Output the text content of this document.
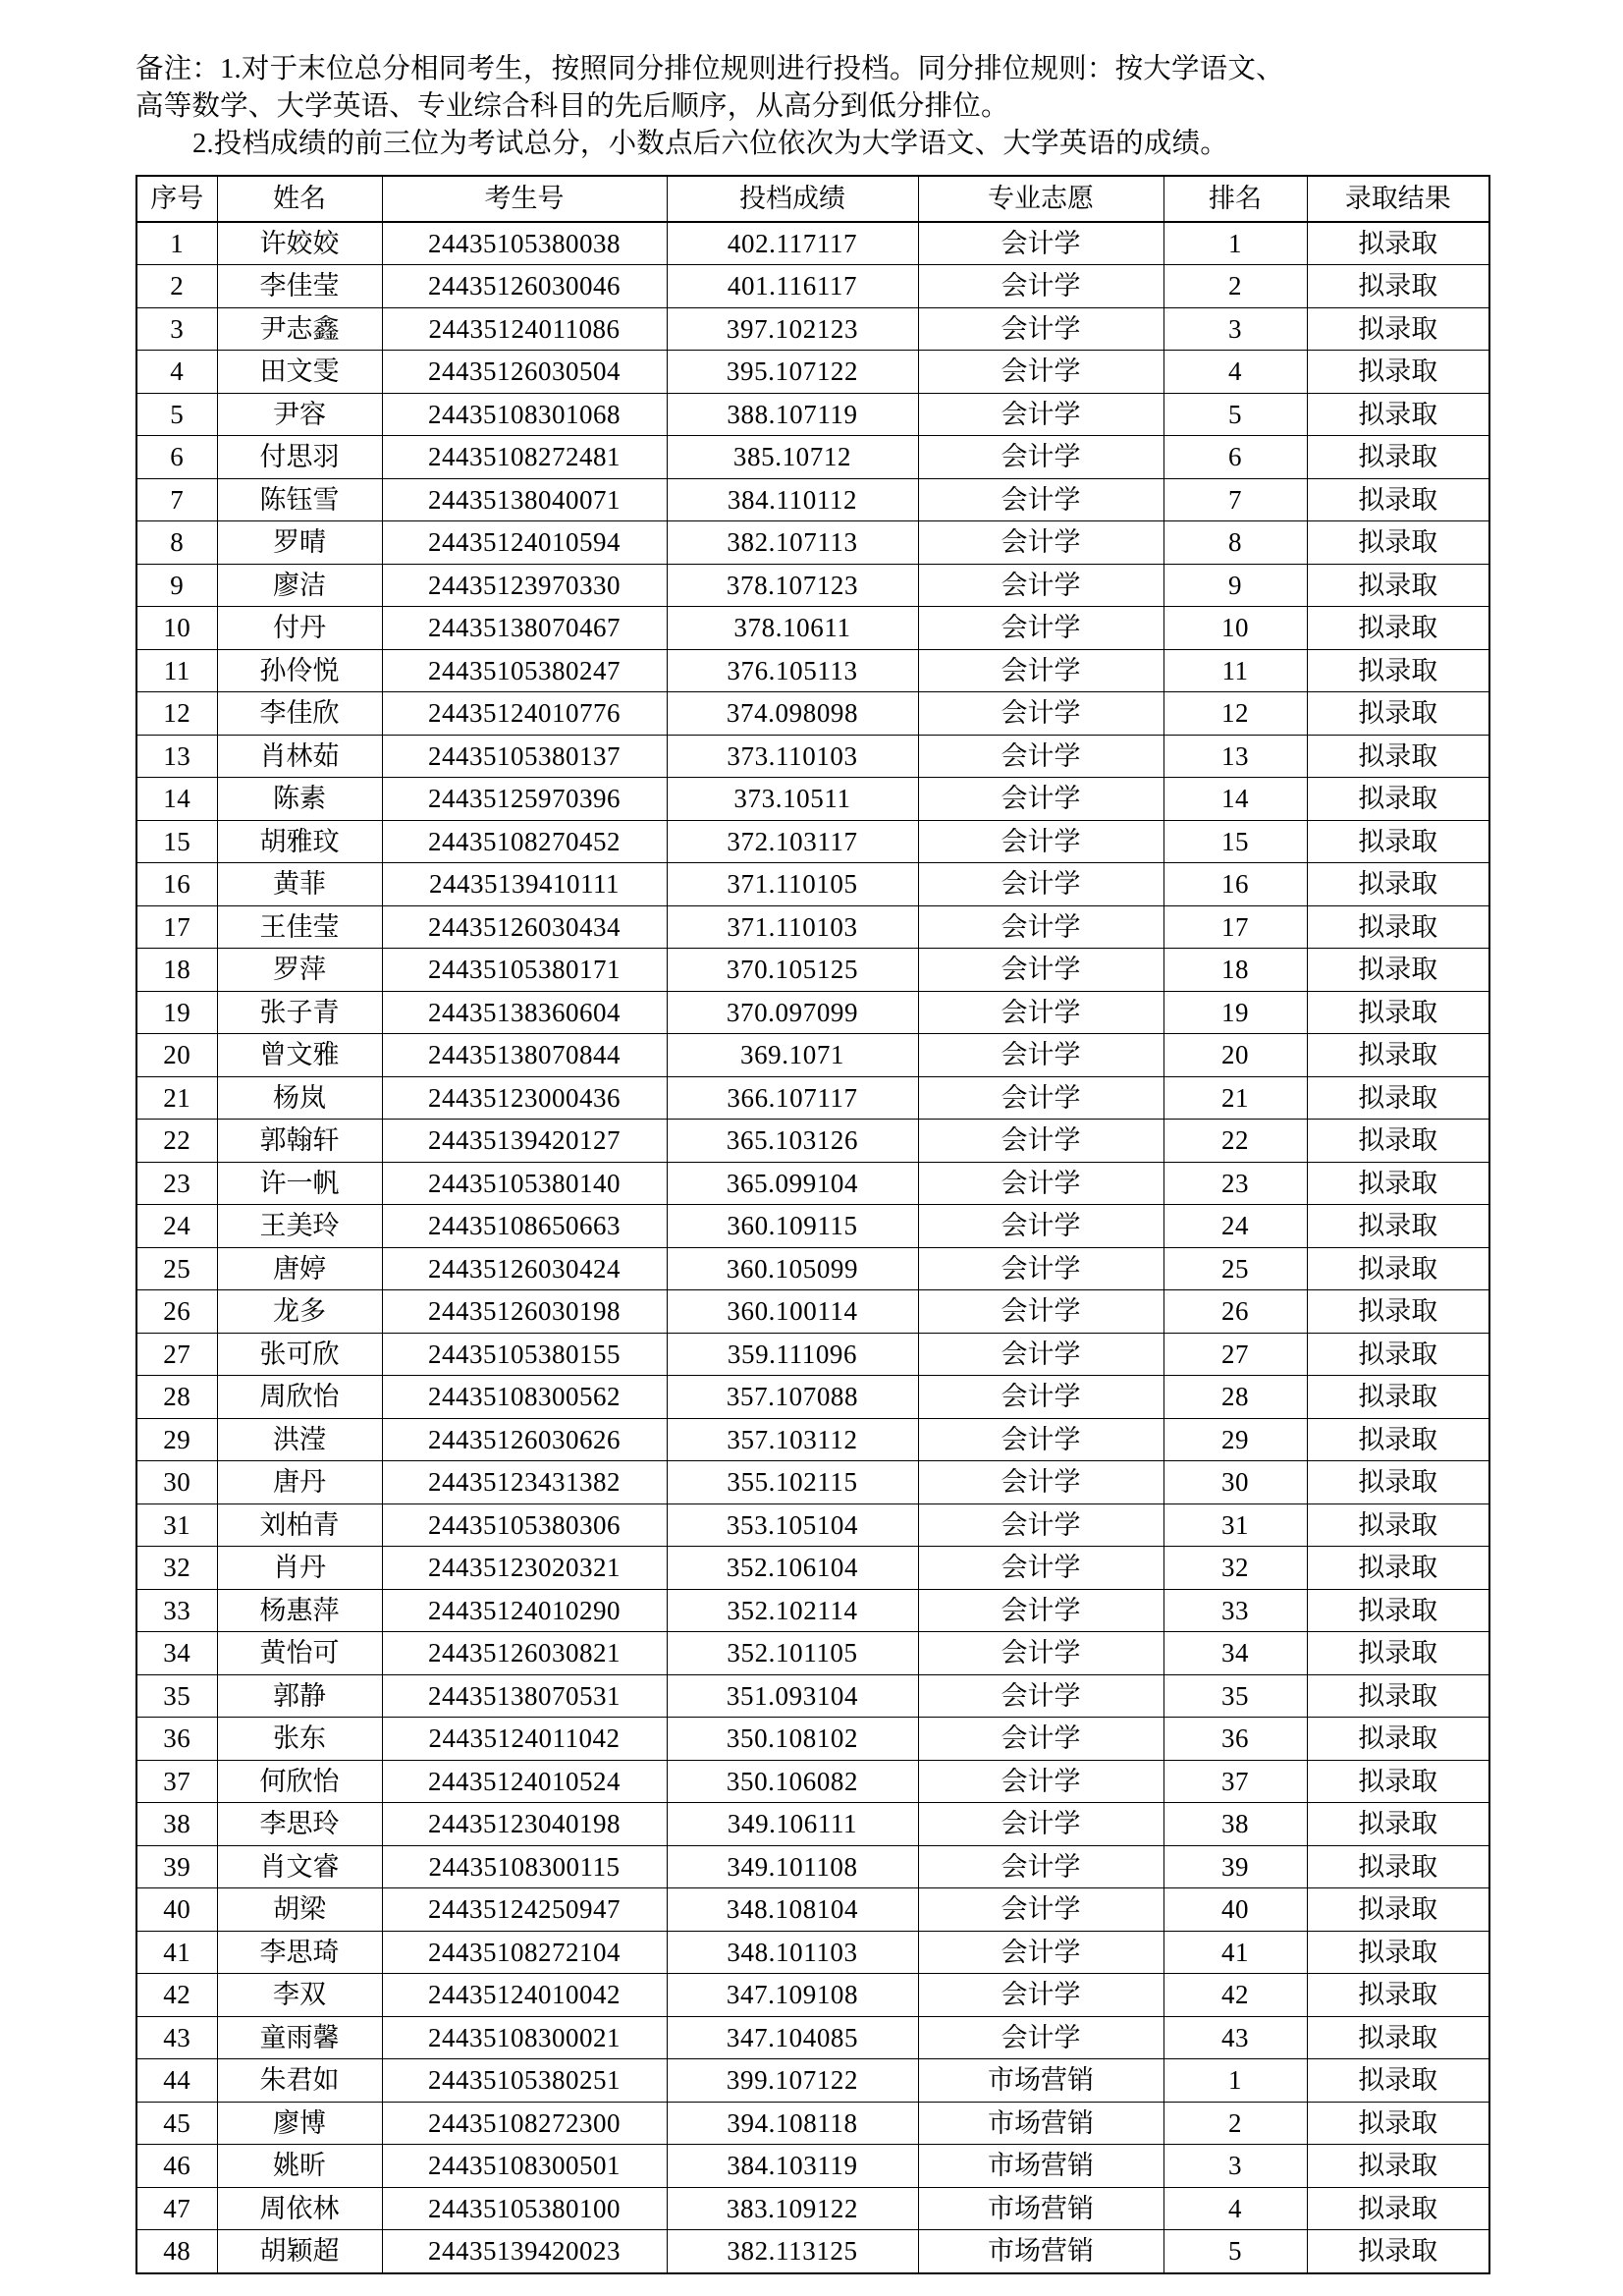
备注：1.对于末位总分相同考生，按照同分排位规则进行投档。同分排位规则：按大学语文、
高等数学、大学英语、专业综合科目的先后顺序，从高分到低分排位。
2.投档成绩的前三位为考试总分，小数点后六位依次为大学语文、大学英语的成绩。
序号	姓名	考生号	投档成绩	专业志愿	排名	录取结果
1	许姣姣	24435105380038	402.117117	会计学	1	拟录取
2	李佳莹	24435126030046	401.116117	会计学	2	拟录取
3	尹志鑫	24435124011086	397.102123	会计学	3	拟录取
4	田文雯	24435126030504	395.107122	会计学	4	拟录取
5	尹容	24435108301068	388.107119	会计学	5	拟录取
6	付思羽	24435108272481	385.10712	会计学	6	拟录取
7	陈钰雪	24435138040071	384.110112	会计学	7	拟录取
8	罗晴	24435124010594	382.107113	会计学	8	拟录取
9	廖洁	24435123970330	378.107123	会计学	9	拟录取
10	付丹	24435138070467	378.10611	会计学	10	拟录取
11	孙伶悦	24435105380247	376.105113	会计学	11	拟录取
12	李佳欣	24435124010776	374.098098	会计学	12	拟录取
13	肖林茹	24435105380137	373.110103	会计学	13	拟录取
14	陈素	24435125970396	373.10511	会计学	14	拟录取
15	胡雅玟	24435108270452	372.103117	会计学	15	拟录取
16	黄菲	24435139410111	371.110105	会计学	16	拟录取
17	王佳莹	24435126030434	371.110103	会计学	17	拟录取
18	罗萍	24435105380171	370.105125	会计学	18	拟录取
19	张子青	24435138360604	370.097099	会计学	19	拟录取
20	曾文雅	24435138070844	369.1071	会计学	20	拟录取
21	杨岚	24435123000436	366.107117	会计学	21	拟录取
22	郭翰轩	24435139420127	365.103126	会计学	22	拟录取
23	许一帆	24435105380140	365.099104	会计学	23	拟录取
24	王美玲	24435108650663	360.109115	会计学	24	拟录取
25	唐婷	24435126030424	360.105099	会计学	25	拟录取
26	龙多	24435126030198	360.100114	会计学	26	拟录取
27	张可欣	24435105380155	359.111096	会计学	27	拟录取
28	周欣怡	24435108300562	357.107088	会计学	28	拟录取
29	洪滢	24435126030626	357.103112	会计学	29	拟录取
30	唐丹	24435123431382	355.102115	会计学	30	拟录取
31	刘柏青	24435105380306	353.105104	会计学	31	拟录取
32	肖丹	24435123020321	352.106104	会计学	32	拟录取
33	杨惠萍	24435124010290	352.102114	会计学	33	拟录取
34	黄怡可	24435126030821	352.101105	会计学	34	拟录取
35	郭静	24435138070531	351.093104	会计学	35	拟录取
36	张东	24435124011042	350.108102	会计学	36	拟录取
37	何欣怡	24435124010524	350.106082	会计学	37	拟录取
38	李思玲	24435123040198	349.106111	会计学	38	拟录取
39	肖文睿	24435108300115	349.101108	会计学	39	拟录取
40	胡梁	24435124250947	348.108104	会计学	40	拟录取
41	李思琦	24435108272104	348.101103	会计学	41	拟录取
42	李双	24435124010042	347.109108	会计学	42	拟录取
43	童雨馨	24435108300021	347.104085	会计学	43	拟录取
44	朱君如	24435105380251	399.107122	市场营销	1	拟录取
45	廖博	24435108272300	394.108118	市场营销	2	拟录取
46	姚昕	24435108300501	384.103119	市场营销	3	拟录取
47	周依林	24435105380100	383.109122	市场营销	4	拟录取
48	胡颖超	24435139420023	382.113125	市场营销	5	拟录取
